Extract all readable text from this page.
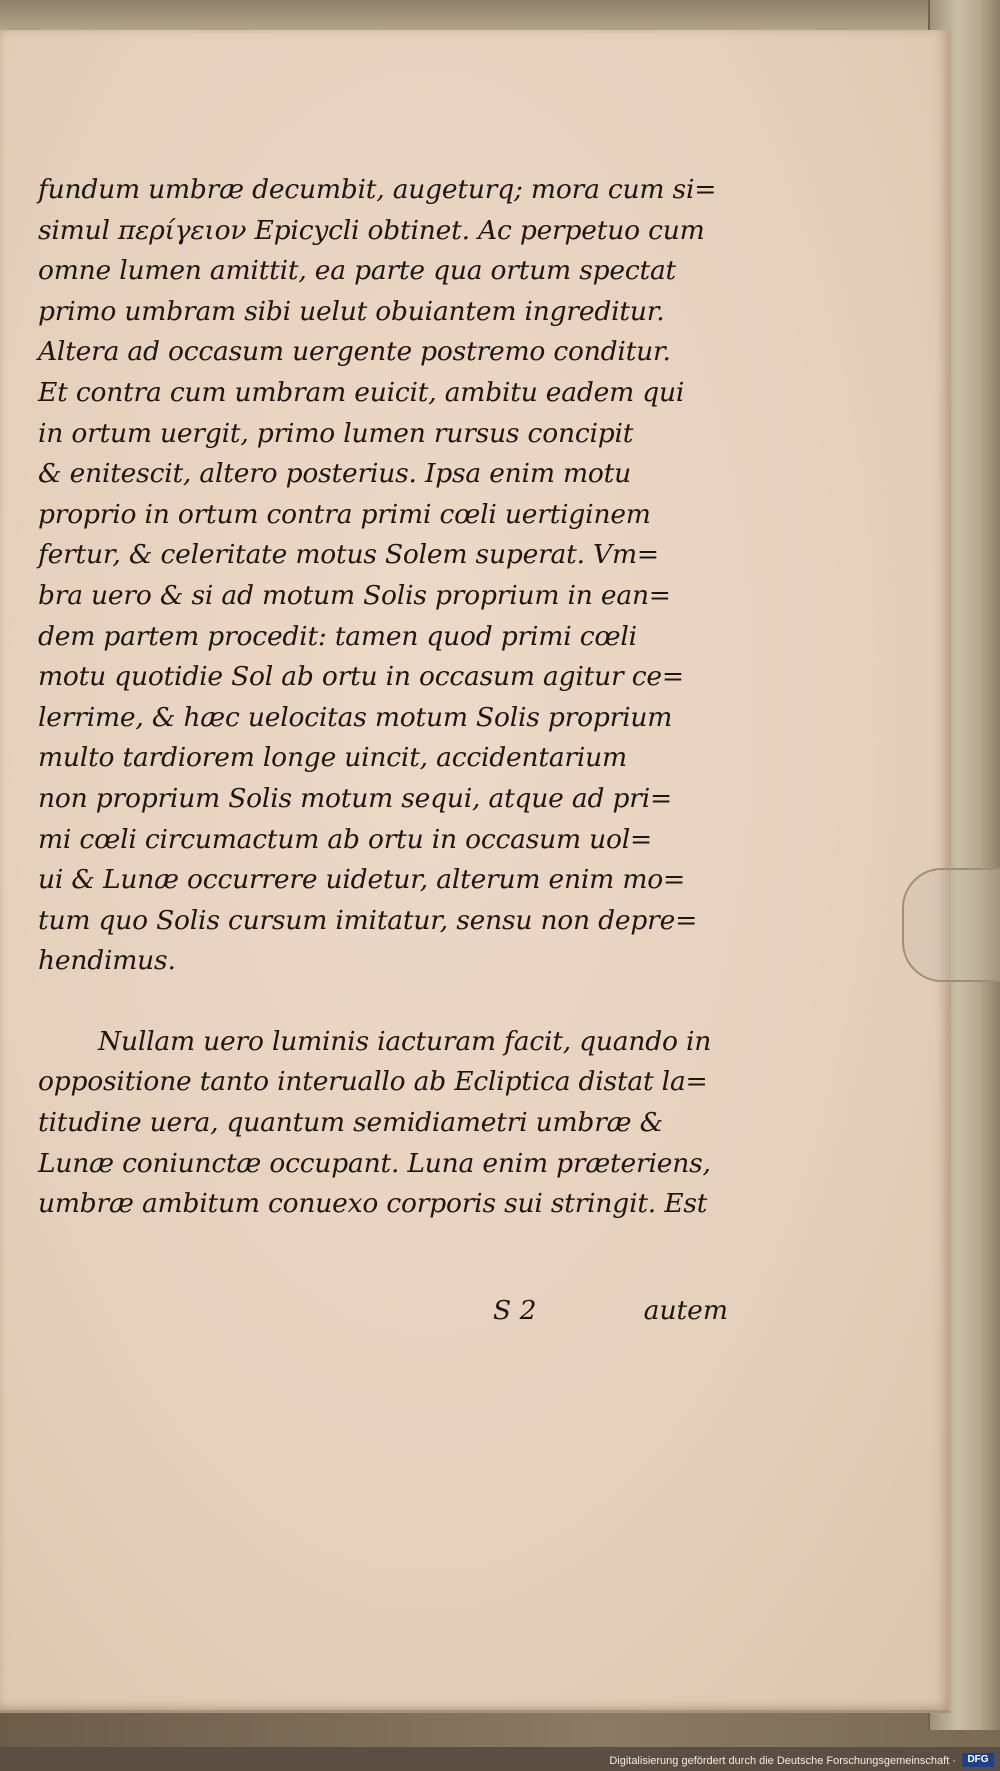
fundum umbræ decumbit, augeturq; mora cum si=
simul περίγειον Epicycli obtinet. Ac perpetuo cum
omne lumen amittit, ea parte qua ortum spectat
primo umbram sibi uelut obuiantem ingreditur.
Altera ad occasum uergente postremo conditur.
Et contra cum umbram euicit, ambitu eadem qui
in ortum uergit, primo lumen rursus concipit
& enitescit, altero posterius. Ipsa enim motu
proprio in ortum contra primi cœli uertiginem
fertur, & celeritate motus Solem superat. Vm=
bra uero & si ad motum Solis proprium in ean=
dem partem procedit: tamen quod primi cœli
motu quotidie Sol ab ortu in occasum agitur ce=
lerrime, & hæc uelocitas motum Solis proprium
multo tardiorem longe uincit, accidentarium
non proprium Solis motum sequi, atque ad pri=
mi cœli circumactum ab ortu in occasum uol=
ui & Lunæ occurrere uidetur, alterum enim mo=
tum quo Solis cursum imitatur, sensu non depre=
hendimus.
Nullam uero luminis iacturam facit, quando in
oppositione tanto interuallo ab Ecliptica distat la=
titudine uera, quantum semidiametri umbræ &
Lunæ coniunctæ occupant. Luna enim præteriens,
umbræ ambitum conuexo corporis sui stringit. Est
S 2	autem
Digitalisierung gefördert durch die Deutsche Forschungsgemeinschaft ·	DFG
